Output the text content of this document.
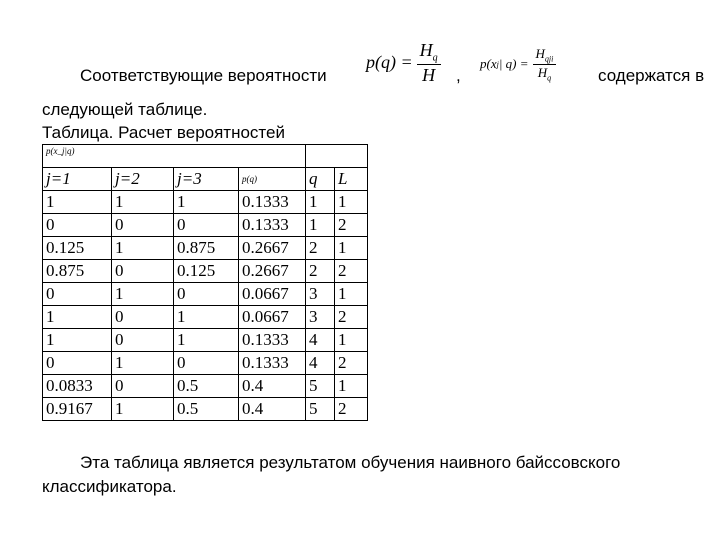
Соответствующие вероятности
$p(q) = \frac{H_q}{H}$ ,
p(x j | $q) = \frac{H_{qji}}{H_q}$ содержатся в
следующей таблице.
Таблица. Расчет вероятностей
p(x_j|q)					
j=1	j=2	j=3	p(q)	q	L
1	1	1	0.1333	1	1
0	0	0	0.1333	1	2
0.125	1	0.875	0.2667	2	1
0.875	0	0.125	0.2667	2	2
0	1	0	0.0667	3	1
1	0	1	0.0667	3	2
1	0	1	0.1333	4	1
0	1	0	0.1333	4	2
0.0833	0	0.5	0.4	5	1
0.9167	1	0.5	0.4	5	2
Эта таблица является результатом обучения наивного байссовского
классификатора.
